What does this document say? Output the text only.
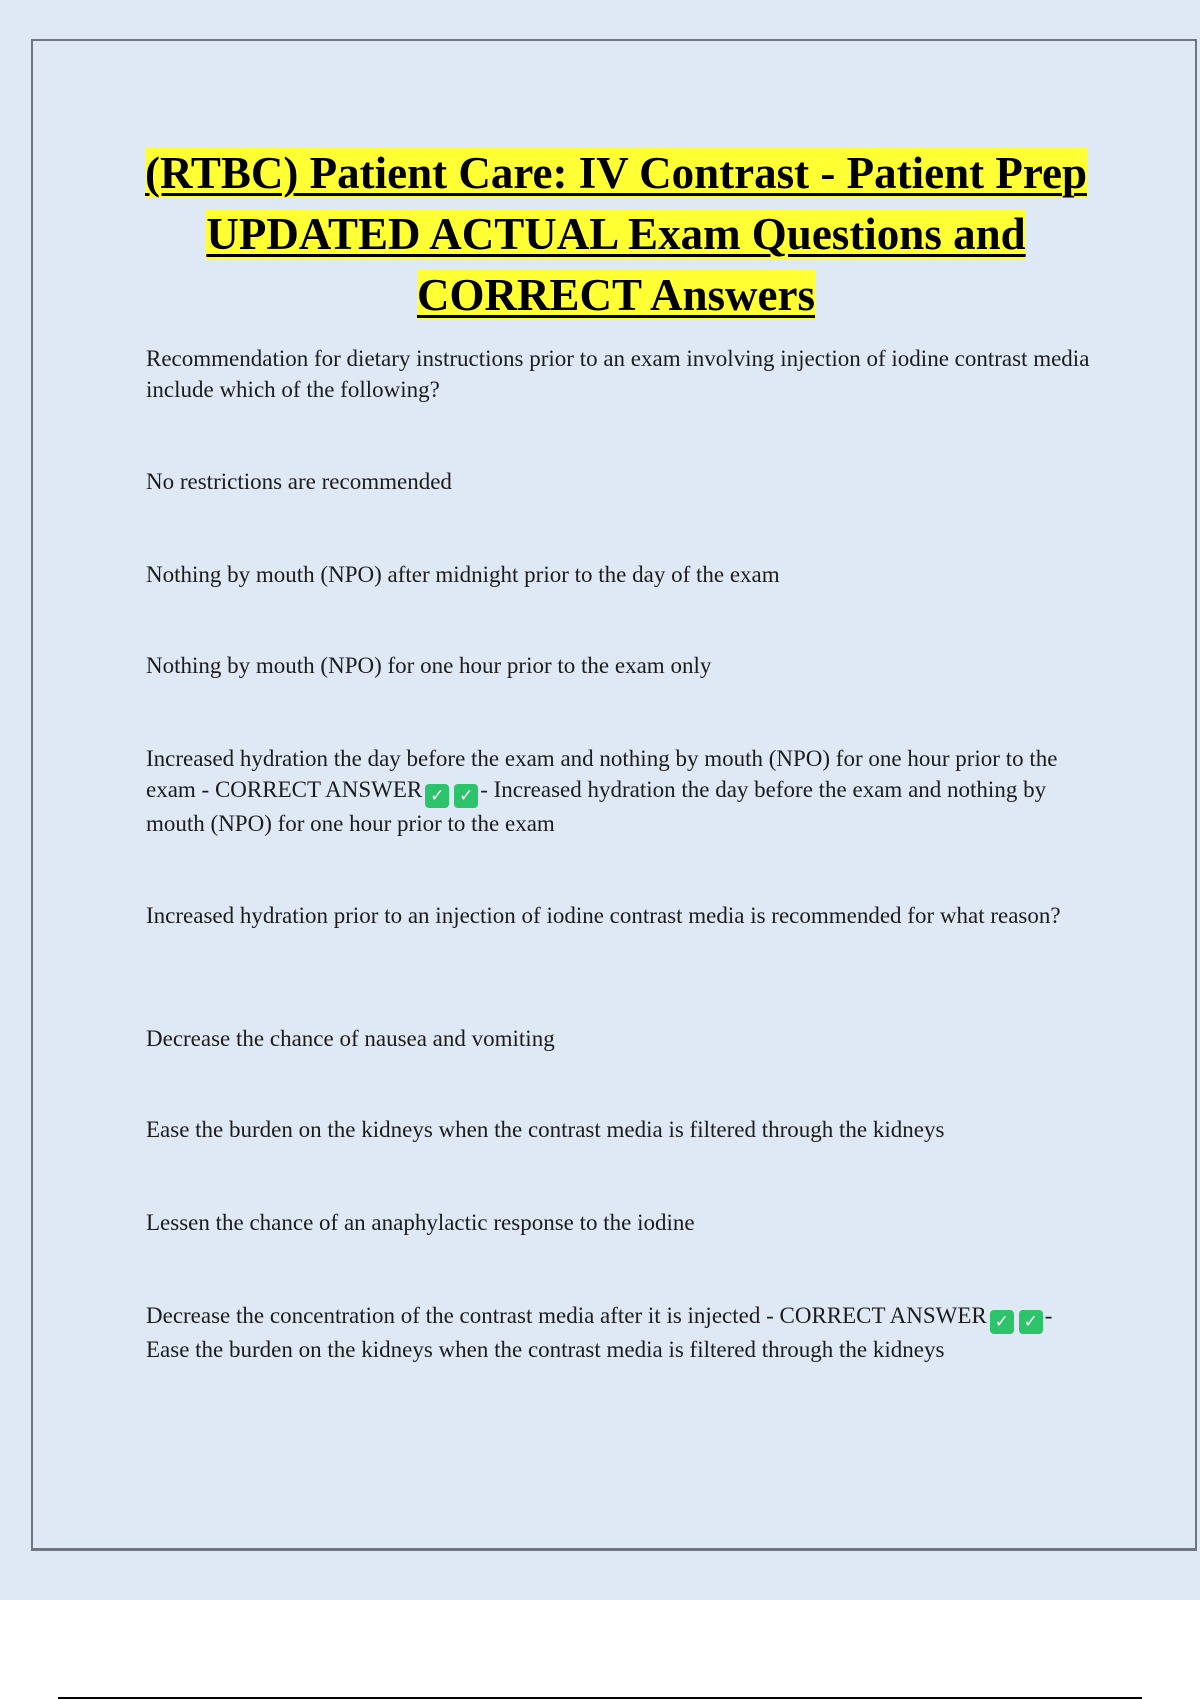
(RTBC) Patient Care: IV Contrast - Patient Prep UPDATED ACTUAL Exam Questions and CORRECT Answers

Recommendation for dietary instructions prior to an exam involving injection of iodine contrast media include which of the following?

No restrictions are recommended

Nothing by mouth (NPO) after midnight prior to the day of the exam

Nothing by mouth (NPO) for one hour prior to the exam only

Increased hydration the day before the exam and nothing by mouth (NPO) for one hour prior to the exam - CORRECT ANSWER ✓ ✓ - Increased hydration the day before the exam and nothing by mouth (NPO) for one hour prior to the exam

Increased hydration prior to an injection of iodine contrast media is recommended for what reason?

Decrease the chance of nausea and vomiting

Ease the burden on the kidneys when the contrast media is filtered through the kidneys

Lessen the chance of an anaphylactic response to the iodine

Decrease the concentration of the contrast media after it is injected - CORRECT ANSWER ✓ ✓ - Ease the burden on the kidneys when the contrast media is filtered through the kidneys
